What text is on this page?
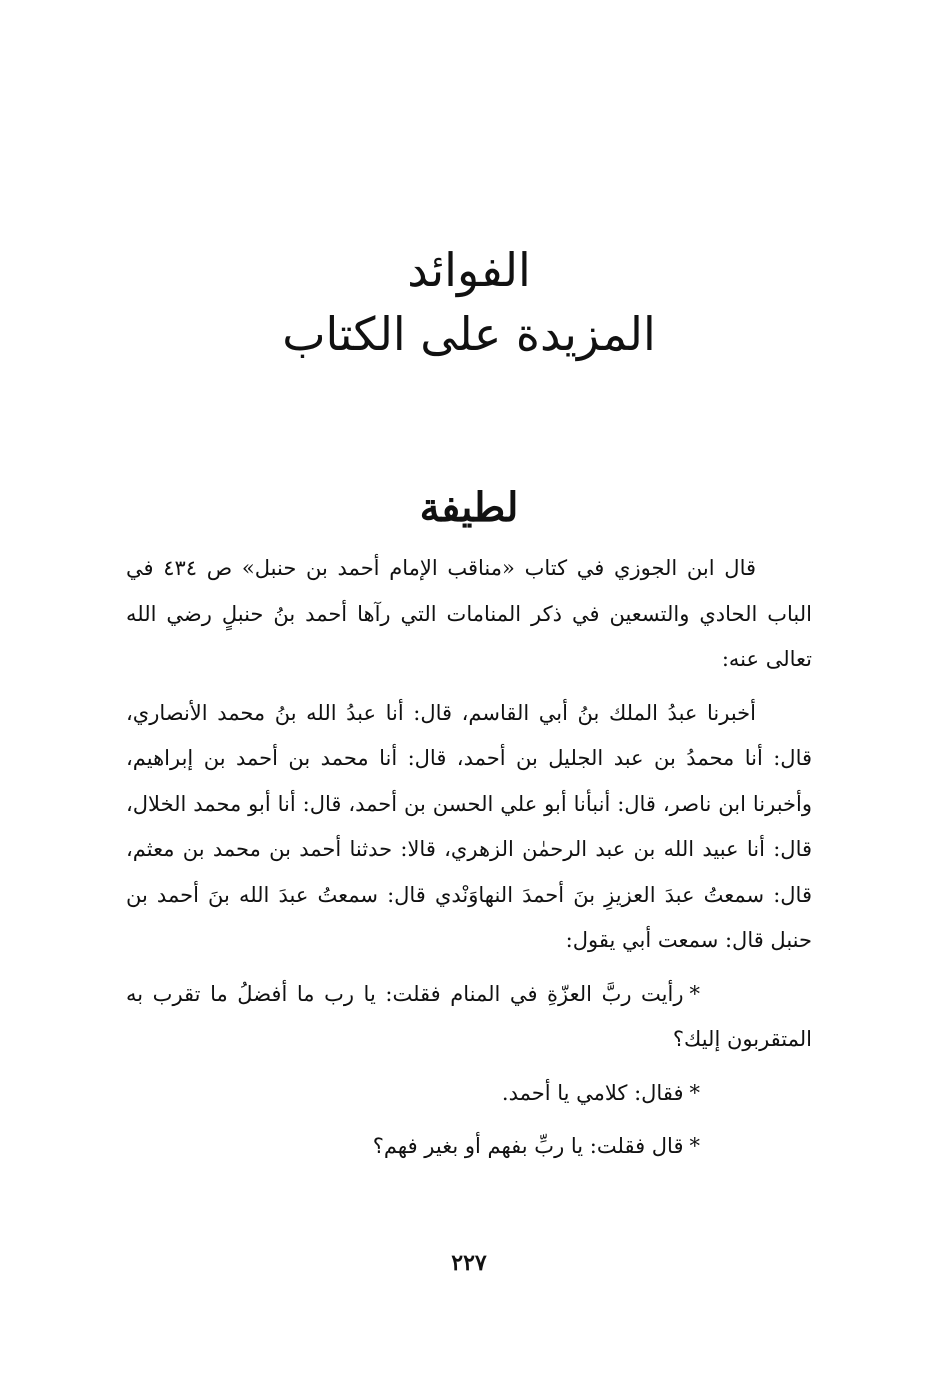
الفوائد
المزيدة على الكتاب
لطيفة

قال ابن الجوزي في كتاب «مناقب الإمام أحمد بن حنبل» ص ٤٣٤ في الباب الحادي والتسعين في ذكر المنامات التي رآها أحمد بنُ حنبلٍ رضي الله تعالى عنه:

أخبرنا عبدُ الملك بنُ أبي القاسم، قال: أنا عبدُ الله بنُ محمد الأنصاري، قال: أنا محمدُ بن عبد الجليل بن أحمد، قال: أنا محمد بن أحمد بن إبراهيم، وأخبرنا ابن ناصر، قال: أنبأنا أبو علي الحسن بن أحمد، قال: أنا أبو محمد الخلال، قال: أنا عبيد الله بن عبد الرحمٰن الزهري، قالا: حدثنا أحمد بن محمد بن معثم، قال: سمعتُ عبدَ العزيزِ بنَ أحمدَ النهاوَنْدي قال: سمعتُ عبدَ الله بنَ أحمد بن حنبل قال: سمعت أبي يقول:

*رأيت ربَّ العزّةِ في المنام فقلت: يا رب ما أفضلُ ما تقرب به المتقربون إليك؟

*فقال: كلامي يا أحمد.

*قال فقلت: يا ربِّ بفهم أو بغير فهم؟

٢٢٧
